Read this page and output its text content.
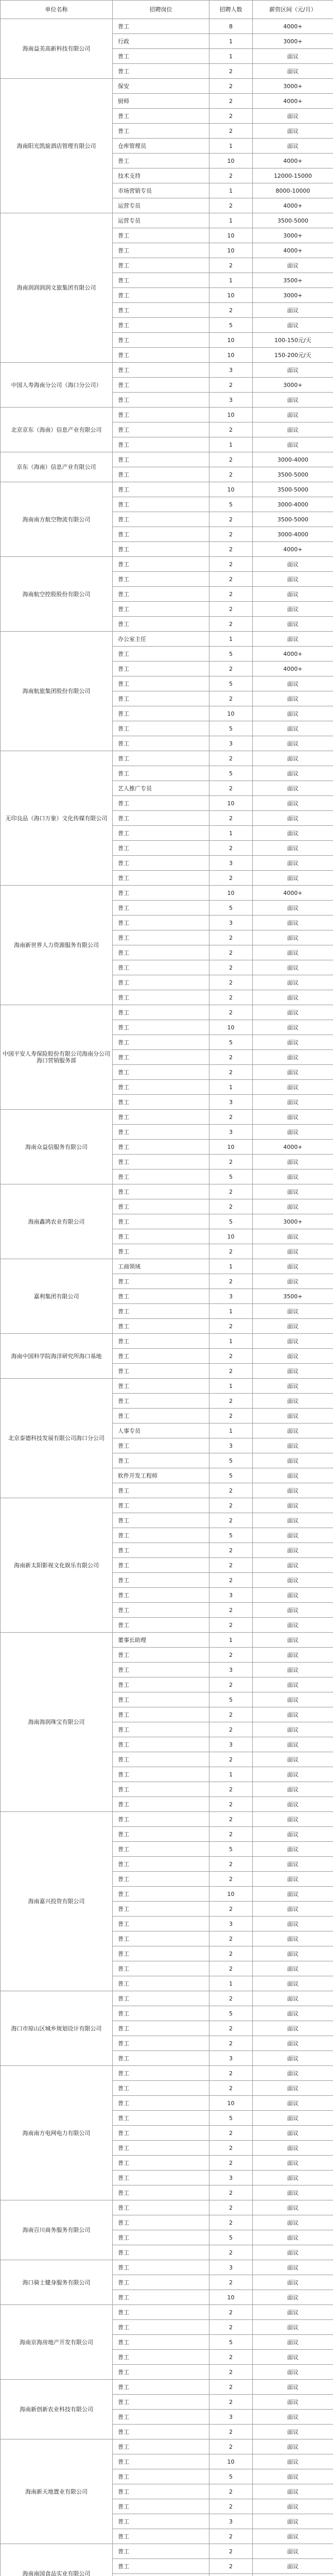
单位名称	招聘岗位	招聘人数	薪资区间（元/月）
海南益美高新科技有限公司	普工	8	4000+
	行政	1	3000+
	普工	1	面议
	普工	2	面议
海南阳光凯旋酒店管理有限公司	保安	2	3000+
	厨师	2	4000+
	普工	2	面议
	普工	2	面议
	仓库管理员	1	面议
	普工	10	4000+
	技术支持	2	12000-15000
	市场营销专员	1	8000-10000
	运营专员	2	4000+
海南润润润润文旅集团有限公司	运营专员	1	3500-5000
	普工	10	3000+
	普工	10	4000+
	普工	2	面议
	普工	1	3500+
	普工	10	3000+
	普工	2	面议
	普工	5	面议
	普工	10	100-150元/天
	普工	10	150-200元/天
中国人寿海南分公司（海口分公司）	普工	3	面议
	普工	2	3000+
	普工	3	面议
北京京东（海南）信息产业有限公司	普工	10	面议
	普工	2	面议
	普工	1	面议
京东（海南）信息产业有限公司	普工	2	3000-4000
	普工	2	3500-5000
海南南方航空物流有限公司	普工	10	3500-5000
	普工	5	3000-4000
	普工	2	3500-5000
	普工	2	3000-4000
	普工	2	4000+
海南航空控股股份有限公司	普工	2	面议
	普工	2	面议
	普工	2	面议
	普工	2	面议
	普工	2	面议
海南航旅集团股份有限公司	办公室主任	1	面议
	普工	5	4000+
	普工	2	4000+
	普工	5	面议
	普工	2	面议
	普工	10	面议
	普工	5	面议
	普工	3	面议
无印良品（海口万象）文化传媒有限公司	普工	2	面议
	普工	5	面议
	艺人推广专员	2	面议
	普工	10	面议
	普工	2	面议
	普工	1	面议
	普工	2	面议
	普工	3	面议
	普工	2	面议
海南新世界人力资源服务有限公司	普工	10	4000+
	普工	5	面议
	普工	3	面议
	普工	2	面议
	普工	2	面议
	普工	2	面议
	普工	2	面议
	普工	2	面议
中国平安人寿保险股份有限公司海南分公司海口营销服务部	普工	2	面议
	普工	10	面议
	普工	5	面议
	普工	2	面议
	普工	2	面议
	普工	1	面议
	普工	3	面议
海南众益信服务有限公司	普工	2	面议
	普工	3	面议
	普工	10	4000+
	普工	2	面议
	普工	5	面议
海南鑫鸿农业有限公司	普工	2	面议
	普工	2	面议
	普工	5	3000+
	普工	10	面议
	普工	2	面议
嘉利集团有限公司	工商领域	1	面议
	普工	2	面议
	普工	3	3500+
	普工	1	面议
	普工	2	面议
海南中国科学院海洋研究所海口基地	普工	1	面议
	普工	2	面议
	普工	2	面议
北京泰德科技发展有限公司海口分公司	普工	1	面议
	普工	2	面议
	普工	2	面议
	人事专员	1	面议
	普工	3	面议
	普工	5	面议
	软件开发工程师	5	面议
	普工	2	面议
海南新太阳影视文化娱乐有限公司	普工	2	面议
	普工	2	面议
	普工	5	面议
	普工	2	面议
	普工	2	面议
	普工	2	面议
	普工	3	面议
	普工	2	面议
	普工	2	面议
海南海润珠宝有限公司	董事长助理	1	面议
	普工	2	面议
	普工	3	面议
	普工	2	面议
	普工	5	面议
	普工	2	面议
	普工	2	面议
	普工	3	面议
	普工	2	面议
	普工	1	面议
	普工	2	面议
	普工	2	面议
海南嘉兴投资有限公司	普工	2	面议
	普工	2	面议
	普工	5	面议
	普工	2	面议
	普工	2	面议
	普工	10	面议
	普工	2	面议
	普工	3	面议
	普工	2	面议
	普工	2	面议
	普工	2	面议
	普工	1	面议
海口市琼山区城乡规划设计有限公司	普工	2	面议
	普工	5	面议
	普工	2	面议
	普工	2	面议
	普工	3	面议
海南南方电网电力有限公司	普工	2	面议
	普工	2	面议
	普工	10	面议
	普工	5	面议
	普工	2	面议
	普工	2	面议
	普工	2	面议
	普工	3	面议
	普工	2	面议
海南百川商务服务有限公司	普工	2	面议
	普工	2	面议
	普工	5	面议
	普工	2	面议
海口骑士健身服务有限公司	普工	3	面议
	普工	2	面议
	普工	10	面议
海南京海房地产开发有限公司	普工	2	面议
	普工	2	面议
	普工	5	面议
	普工	2	面议
	普工	2	面议
海南新创新农业科技有限公司	普工	2	面议
	普工	2	面议
	普工	3	面议
	普工	2	面议
海南新天地置业有限公司	普工	2	面议
	普工	10	面议
	普工	5	面议
	普工	2	面议
	普工	2	面议
	普工	3	面议
	普工	2	面议
海南南国食品实业有限公司	普工	2	面议
	普工	2	面议
